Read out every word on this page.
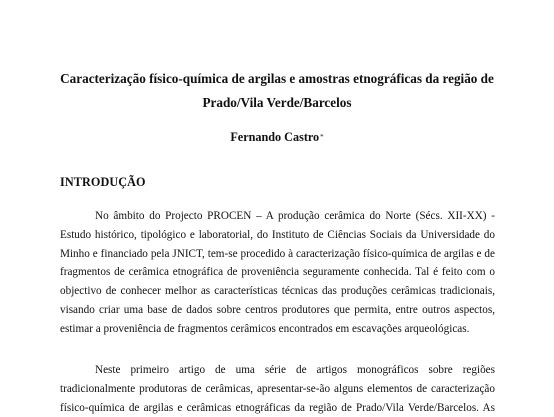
Caracterização físico-química de argilas e amostras etnográficas da região de
Prado/Vila Verde/Barcelos
Fernando Castro*
INTRODUÇÃO
No âmbito do Projecto PROCEN – A produção cerâmica do Norte (Sécs. XII-XX) -
Estudo histórico, tipológico e laboratorial, do Instituto de Ciências Sociais da Universidade do
Minho e financiado pela JNICT, tem-se procedido à caracterização físico-química de argilas e de
fragmentos de cerâmica etnográfica de proveniência seguramente conhecida. Tal é feito com o
objectivo de conhecer melhor as características técnicas das produções cerâmicas tradicionais,
visando criar uma base de dados sobre centros produtores que permita, entre outros aspectos,
estimar a proveniência de fragmentos cerâmicos encontrados em escavações arqueológicas.
Neste primeiro artigo de uma série de artigos monográficos sobre regiões
tradicionalmente produtoras de cerâmicas, apresentar-se-ão alguns elementos de caracterização
físico-química de argilas e cerâmicas etnográficas da região de Prado/Vila Verde/Barcelos. As
